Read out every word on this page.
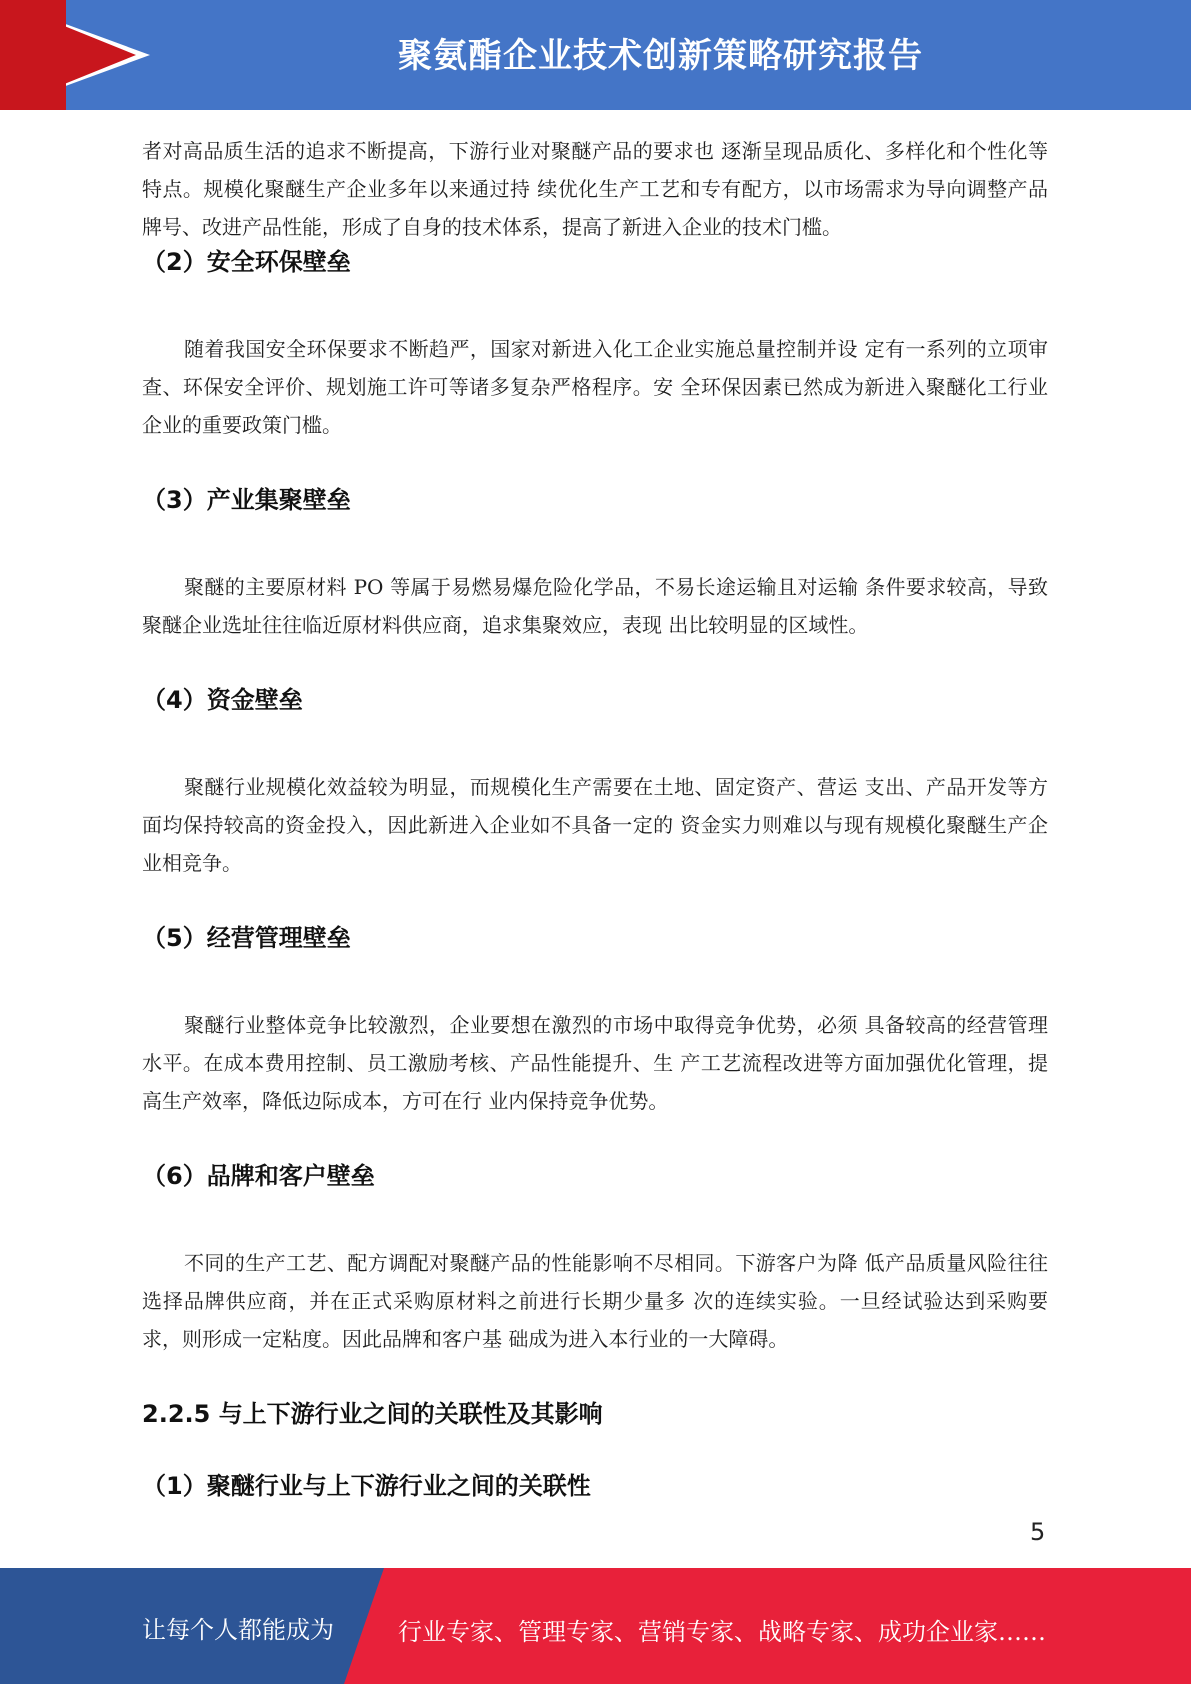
聚氨酯企业技术创新策略研究报告

者对高品质生活的追求不断提高，下游行业对聚醚产品的要求也 逐渐呈现品质化、多样化和个性化等特点。规模化聚醚生产企业多年以来通过持 续优化生产工艺和专有配方，以市场需求为导向调整产品牌号、改进产品性能，形成了自身的技术体系，提高了新进入企业的技术门槛。

（2）安全环保壁垒

随着我国安全环保要求不断趋严，国家对新进入化工企业实施总量控制并设 定有一系列的立项审查、环保安全评价、规划施工许可等诸多复杂严格程序。安 全环保因素已然成为新进入聚醚化工行业企业的重要政策门槛。

（3）产业集聚壁垒

聚醚的主要原材料 PO 等属于易燃易爆危险化学品，不易长途运输且对运输 条件要求较高，导致聚醚企业选址往往临近原材料供应商，追求集聚效应，表现 出比较明显的区域性。

（4）资金壁垒

聚醚行业规模化效益较为明显，而规模化生产需要在土地、固定资产、营运 支出、产品开发等方面均保持较高的资金投入，因此新进入企业如不具备一定的 资金实力则难以与现有规模化聚醚生产企业相竞争。

（5）经营管理壁垒

聚醚行业整体竞争比较激烈，企业要想在激烈的市场中取得竞争优势，必须 具备较高的经营管理水平。在成本费用控制、员工激励考核、产品性能提升、生 产工艺流程改进等方面加强优化管理，提高生产效率，降低边际成本，方可在行 业内保持竞争优势。

（6）品牌和客户壁垒

不同的生产工艺、配方调配对聚醚产品的性能影响不尽相同。下游客户为降 低产品质量风险往往选择品牌供应商，并在正式采购原材料之前进行长期少量多 次的连续实验。一旦经试验达到采购要求，则形成一定粘度。因此品牌和客户基 础成为进入本行业的一大障碍。

2.2.5 与上下游行业之间的关联性及其影响
（1）聚醚行业与上下游行业之间的关联性
5
让每个人都能成为	行业专家、管理专家、营销专家、战略专家、成功企业家……
